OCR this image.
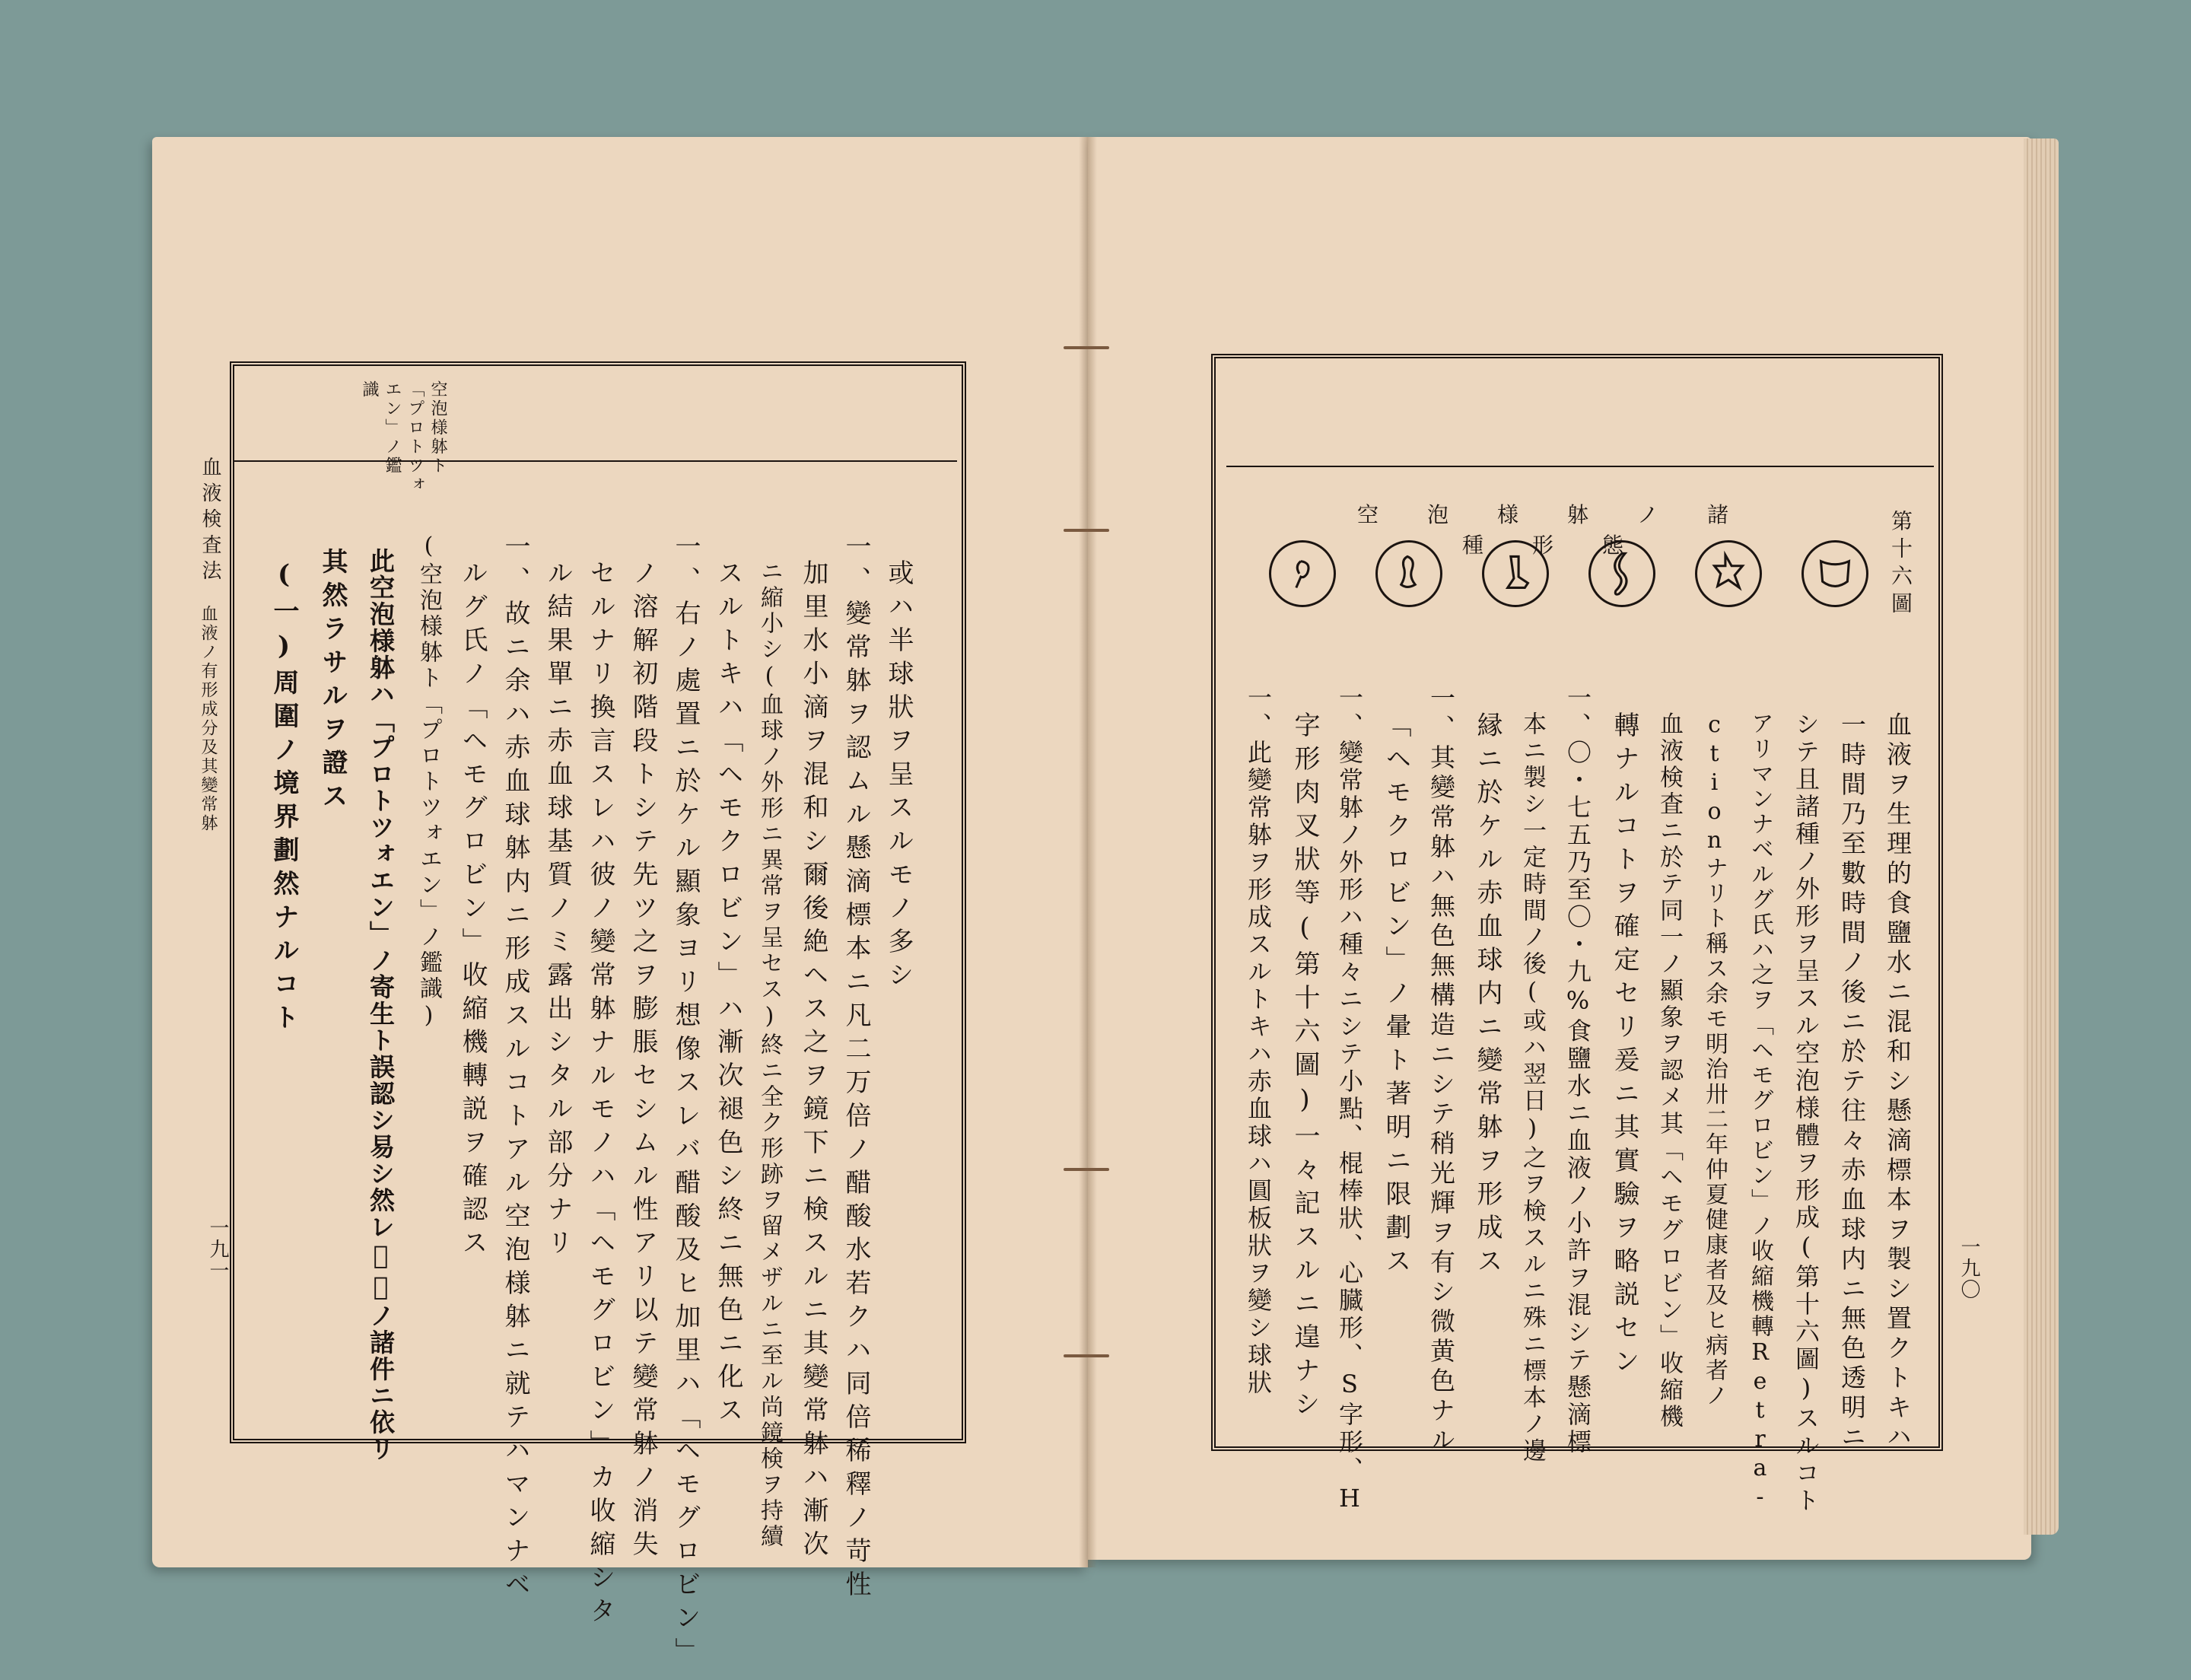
血液検査法
血液ノ有形成分及其變常躰
一九一
空泡様躰ト
「プロトツォ
エン」ノ鑑
識
或ハ半球狀ヲ呈スルモノ多シ
一、變常躰ヲ認ムル懸滴標本ニ凡二万倍ノ醋酸水若クハ同倍稀釋ノ苛性
加里水小滴ヲ混和シ爾後絶ヘス之ヲ鏡下ニ検スルニ其變常躰ハ漸次
ニ縮小シ(血球ノ外形ニ異常ヲ呈セス)終ニ全ク形跡ヲ留メザルニ至ル尚鏡検ヲ持續
スルトキハ「ヘモクロビン」ハ漸次褪色シ終ニ無色ニ化ス
一、右ノ處置ニ於ケル顯象ヨリ想像スレバ醋酸及ヒ加里ハ「ヘモグロビン」
ノ溶解初階段トシテ先ツ之ヲ膨脹セシムル性アリ以テ變常躰ノ消失
セルナリ換言スレハ彼ノ變常躰ナルモノハ「ヘモグロビン」カ收縮シタ
ル結果單ニ赤血球基質ノミ露出シタル部分ナリ
一、故ニ余ハ赤血球躰内ニ形成スルコトアル空泡様躰ニ就テハマンナベ
ルグ氏ノ「ヘモグロビン」收縮機轉説ヲ確認ス
(空泡様躰ト「プロトツォエン」ノ鑑識)
此空泡様躰ハ「プロトツォエン」ノ寄生ト誤認シ易シ然レ𪜈左ノ諸件ニ依リ
其然ラサルヲ證ス
(一)周圍ノ境界劃然ナルコト
一九〇
第十六圖
空泡様躰ノ諸種形態
血液ヲ生理的食鹽水ニ混和シ懸滴標本ヲ製シ置クトキハ
一時間乃至數時間ノ後ニ於テ往々赤血球内ニ無色透明ニ
シテ且諸種ノ外形ヲ呈スル空泡様體ヲ形成(第十六圖)スルコト
アリマンナベルグ氏ハ之ヲ「ヘモグロビン」ノ收縮機轉Retra-
ctionナリト稱ス余モ明治卅二年仲夏健康者及ヒ病者ノ
血液検査ニ於テ同一ノ顯象ヲ認メ其「ヘモグロビン」收縮機
轉ナルコトヲ確定セリ爰ニ其實驗ヲ略説セン
一、〇・七五乃至〇・九%食鹽水ニ血液ノ小許ヲ混シテ懸滴標
本ニ製シ一定時間ノ後(或ハ翌日)之ヲ検スルニ殊ニ標本ノ邊
縁ニ於ケル赤血球内ニ變常躰ヲ形成ス
一、其變常躰ハ無色無構造ニシテ稍光輝ヲ有シ微黄色ナル
「ヘモクロビン」ノ暈ト著明ニ限劃ス
一、變常躰ノ外形ハ種々ニシテ小點、棍棒狀、心臓形、S字形、H
字形肉叉狀等(第十六圖)一々記スルニ遑ナシ
一、此變常躰ヲ形成スルトキハ赤血球ハ圓板狀ヲ變シ球狀
